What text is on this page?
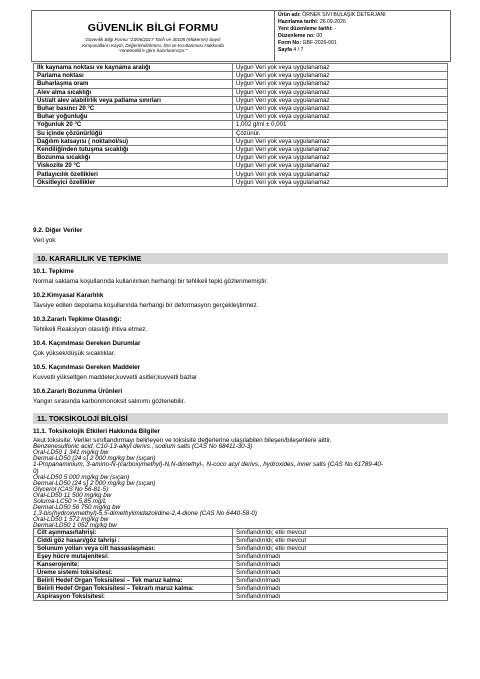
GÜVENLİK BİLGİ FORMU
Güvenlik Bilgi Formu "23/06/2017 Tarih ve 30105 (Mükerrer) Sayılı
Kimyasalların Kaydı, Değerlendirilmesi, İzni ve Kısıtlanması Hakkında
Yönetmelik'e göre hazırlanmıştır."
Ürün adı: ÖRNEK SIVI BULAŞIK DETERJANI
Hazırlama tarihi: 26.09.2026
Yeni düzenleme tarihi: -
Düzenleme no: 00
Form No: GBF-2026-001
Sayfa 4 / 7
İlk kaynama noktası ve kaynama aralığı	Uygun Veri yok veya uygulanamaz
Parlama noktası	Uygun Veri yok veya uygulanamaz
Buharlaşma oranı	Uygun Veri yok veya uygulanamaz
Alev alma sıcaklığı	Uygun Veri yok veya uygulanamaz
Üst/alt alev alabilirlik veya patlama sınırları	Uygun Veri yok veya uygulanamaz
Buhar basıncı 20 °C	Uygun Veri yok veya uygulanamaz
Buhar yoğunluğu	Uygun Veri yok veya uygulanamaz
Yoğunluk 20 °C	1,002 g/ml ± 0,001
Su içinde çözünürlüğü	Çözünür.
Dağılım katsayısı ( noktanol/su)	Uygun Veri yok veya uygulanamaz
Kendiliğinden tutuşma sıcaklığı	Uygun Veri yok veya uygulanamaz
Bozunma sıcaklığı	Uygun Veri yok veya uygulanamaz
Viskozite 20 °C	Uygun Veri yok veya uygulanamaz
Patlayıcılık özellikleri	Uygun Veri yok veya uygulanamaz
Oksitleyici özellikler	Uygun Veri yok veya uygulanamaz
9.2. Diğer Veriler
Veri yok
10. KARARLILIK VE TEPKİME
10.1. Tepkime
Normal saklama koşullarında kullanılırken herhangi bir tehlikeli tepki gözlenmemiştir.
10.2.Kimyasal Kararlılık
Tavsiye edilen depolama koşullarında herhangi bir deformasyon gerçekleştirmez.
10.3.Zararlı Tepkime Olasılığı:
Tehlikeli Reaksiyon olasılığı ihtiva etmez.
10.4. Kaçınılması Gereken Durumlar
Çok yüksek/düşük sıcaklıklar.
10.5. Kaçınılması Gereken Maddeler
Kuvvetli yükseltgen maddeler,kuvvetli asitler,kuvvetli bazlar
10.6.Zararlı Bozunma Ürünleri
Yangın sırasında karbonmonoksit salınımı gözlenebilir.
11. TOKSİKOLOJİ BİLGİSİ
11.1. Toksikolojik Etkileri Hakkında Bilgiler
Akut toksisite: Veriler sınıflandırmayı belirleyen ve toksisite değerlerine ulaşılabilen bileşen/bileşenlere aittir.
Benzenesulfonic acid, C10-13-alkyl derivs., sodium salts (CAS No 68411-30-3)
Oral-LD50 1 341 mg/kg bw
Dermal-LD50 (24 s) 2 000 mg/kg bw (sıçan)
1-Propanaminium, 3-amino-N-(carboxymethyl)-N,N-dimethyl-, N-coco acyl derivs., hydroxides, inner salts (CAS No 61789-40-
0)
Oral-LD50 5 000 mg/kg bw (sıçan)
Dermal-LD50 (24 s) 2 000 mg/kg bw (sıçan)
Glycerol (CAS No 56-81-5)
Oral-LD50 11 500 mg/kg bw
Soluma-LC50 > 5,85 mg/L
Dermal-LD50 56 750 mg/kg bw
1,3-bis(hydroxymethyl)-5,5-dimethylimidazolidine-2,4-dione (CAS No 6440-58-0)
Oral-LD50 1 572 mg/kg bw
Dermal-LD50 1 052 mg/kg bw
Cilt aşınması/tahrişi:	Sınıflandırıldı; etki mevcut
Ciddi göz hasarı/göz tahrişi :	Sınıflandırıldı; etki mevcut
Solunum yolları veya cilt hassaslaşması:	Sınıflandırıldı; etki mevcut
Eşey hücre mutajenitesi:	Sınıflandırılmadı
Kanserojenite:	Sınıflandırılmadı
Üreme sistemi toksisitesi:	Sınıflandırılmadı
Belirli Hedef Organ Toksisitesi – Tek maruz kalma:	Sınıflandırılmadı
Belirli Hedef Organ Toksisitesi – Tekrarlı maruz kalma:	Sınıflandırılmadı
Aspirasyon Toksisitesi:	Sınıflandırılmadı
